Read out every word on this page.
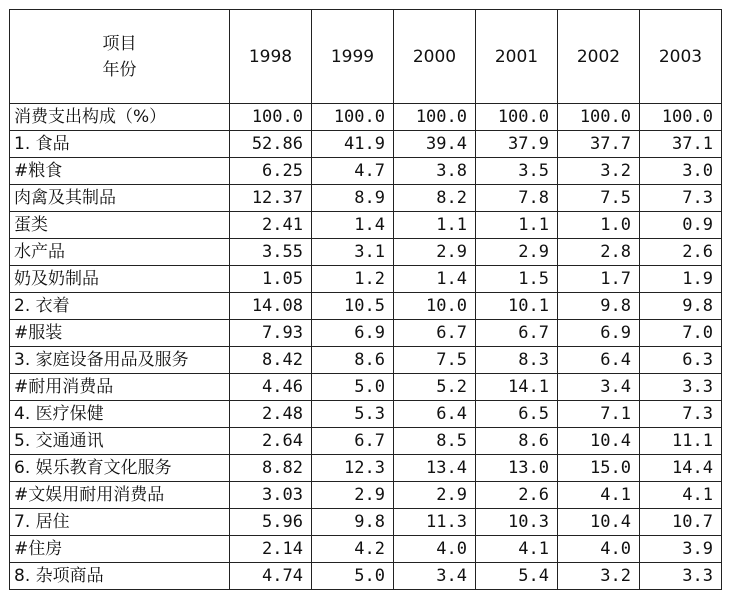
项目
年份	1998	1999	2000	2001	2002	2003
消费支出构成（%）	100.0	100.0	100.0	100.0	100.0	100.0
1. 食品	52.86	41.9	39.4	37.9	37.7	37.1
#粮食	6.25	4.7	3.8	3.5	3.2	3.0
肉禽及其制品	12.37	8.9	8.2	7.8	7.5	7.3
蛋类	2.41	1.4	1.1	1.1	1.0	0.9
水产品	3.55	3.1	2.9	2.9	2.8	2.6
奶及奶制品	1.05	1.2	1.4	1.5	1.7	1.9
2. 衣着	14.08	10.5	10.0	10.1	9.8	9.8
#服装	7.93	6.9	6.7	6.7	6.9	7.0
3. 家庭设备用品及服务	8.42	8.6	7.5	8.3	6.4	6.3
#耐用消费品	4.46	5.0	5.2	14.1	3.4	3.3
4. 医疗保健	2.48	5.3	6.4	6.5	7.1	7.3
5. 交通通讯	2.64	6.7	8.5	8.6	10.4	11.1
6. 娱乐教育文化服务	8.82	12.3	13.4	13.0	15.0	14.4
#文娱用耐用消费品	3.03	2.9	2.9	2.6	4.1	4.1
7. 居住	5.96	9.8	11.3	10.3	10.4	10.7
#住房	2.14	4.2	4.0	4.1	4.0	3.9
8. 杂项商品	4.74	5.0	3.4	5.4	3.2	3.3
